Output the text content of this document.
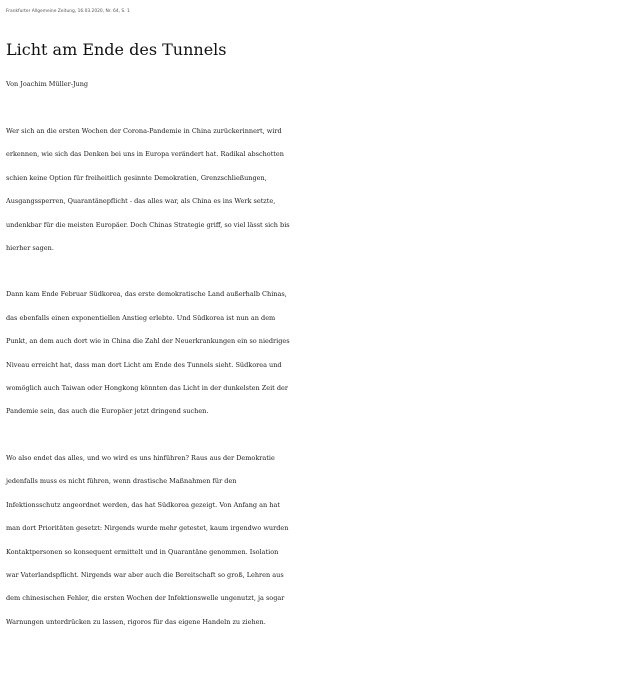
Frankfurter Allgemeine Zeitung, 16.03.2020, Nr. 64, S. 1
Licht am Ende des Tunnels
Von Joachim Müller-Jung

Wer sich an die ersten Wochen der Corona-Pandemie in China zurückerinnert, wird
erkennen, wie sich das Denken bei uns in Europa verändert hat. Radikal abschotten
schien keine Option für freiheitlich gesinnte Demokratien, Grenzschließungen,
Ausgangssperren, Quarantänepflicht - das alles war, als China es ins Werk setzte,
undenkbar für die meisten Europäer. Doch Chinas Strategie griff, so viel lässt sich bis
hierher sagen.

Dann kam Ende Februar Südkorea, das erste demokratische Land außerhalb Chinas,
das ebenfalls einen exponentiellen Anstieg erlebte. Und Südkorea ist nun an dem
Punkt, an dem auch dort wie in China die Zahl der Neuerkrankungen ein so niedriges
Niveau erreicht hat, dass man dort Licht am Ende des Tunnels sieht. Südkorea und
womöglich auch Taiwan oder Hongkong könnten das Licht in der dunkelsten Zeit der
Pandemie sein, das auch die Europäer jetzt dringend suchen.

Wo also endet das alles, und wo wird es uns hinführen? Raus aus der Demokratie
jedenfalls muss es nicht führen, wenn drastische Maßnahmen für den
Infektionsschutz angeordnet werden, das hat Südkorea gezeigt. Von Anfang an hat
man dort Prioritäten gesetzt: Nirgends wurde mehr getestet, kaum irgendwo wurden
Kontaktpersonen so konsequent ermittelt und in Quarantäne genommen. Isolation
war Vaterlandspflicht. Nirgends war aber auch die Bereitschaft so groß, Lehren aus
dem chinesischen Fehler, die ersten Wochen der Infektionswelle ungenutzt, ja sogar
Warnungen unterdrücken zu lassen, rigoros für das eigene Handeln zu ziehen.
